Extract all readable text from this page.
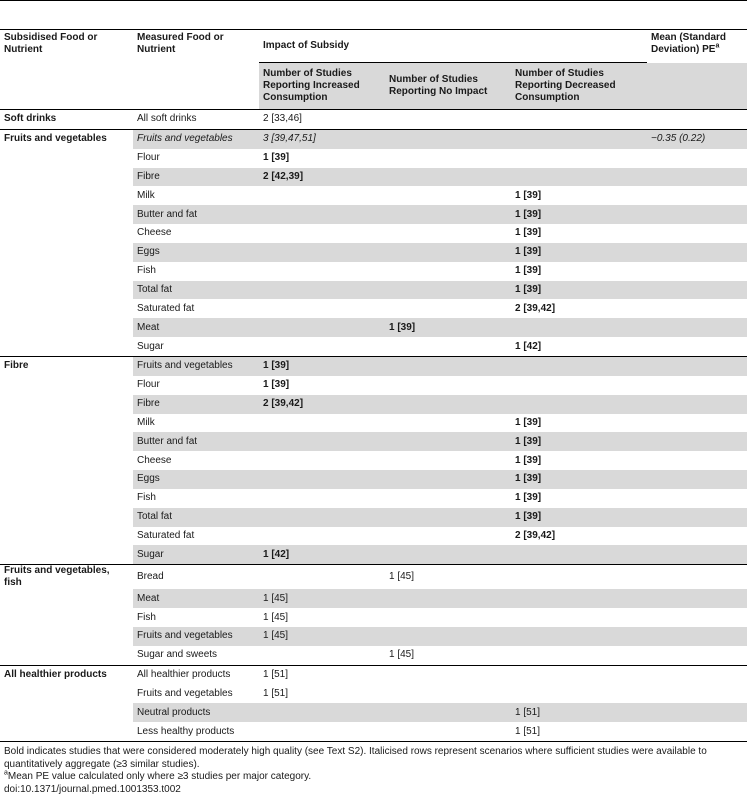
Subsidised Food or Nutrient	Measured Food or Nutrient	Impact of Subsidy			Mean (Standard Deviation) $PE^a$
		Number of Studies Reporting Increased Consumption	Number of Studies Reporting No Impact	Number of Studies Reporting Decreased Consumption	
Soft drinks	All soft drinks	2 [33,46]			
Fruits and vegetables	Fruits and vegetables	3 [39,47,51]			−0.35 (0.22)
	Flour	1 [39]			
	Fibre	2 [42,39]			
	Milk			1 [39]	
	Butter and fat			1 [39]	
	Cheese			1 [39]	
	Eggs			1 [39]	
	Fish			1 [39]	
	Total fat			1 [39]	
	Saturated fat			2 [39,42]	
	Meat		1 [39]		
	Sugar			1 [42]	
Fibre	Fruits and vegetables	1 [39]			
	Flour	1 [39]			
	Fibre	2 [39,42]			
	Milk			1 [39]	
	Butter and fat			1 [39]	
	Cheese			1 [39]	
	Eggs			1 [39]	
	Fish			1 [39]	
	Total fat			1 [39]	
	Saturated fat			2 [39,42]	
	Sugar	1 [42]			
Fruits and vegetables, fish	Bread		1 [45]		
	Meat	1 [45]			
	Fish	1 [45]			
	Fruits and vegetables	1 [45]			
	Sugar and sweets		1 [45]		
All healthier products	All healthier products	1 [51]			
	Fruits and vegetables	1 [51]			
	Neutral products			1 [51]	
	Less healthy products			1 [51]	
Bold indicates studies that were considered moderately high quality (see Text S2). Italicised rows represent scenarios where sufficient studies were available to quantitatively aggregate (≥3 similar studies).
$^a$Mean PE value calculated only where ≥3 studies per major category.
doi:10.1371/journal.pmed.1001353.t002
